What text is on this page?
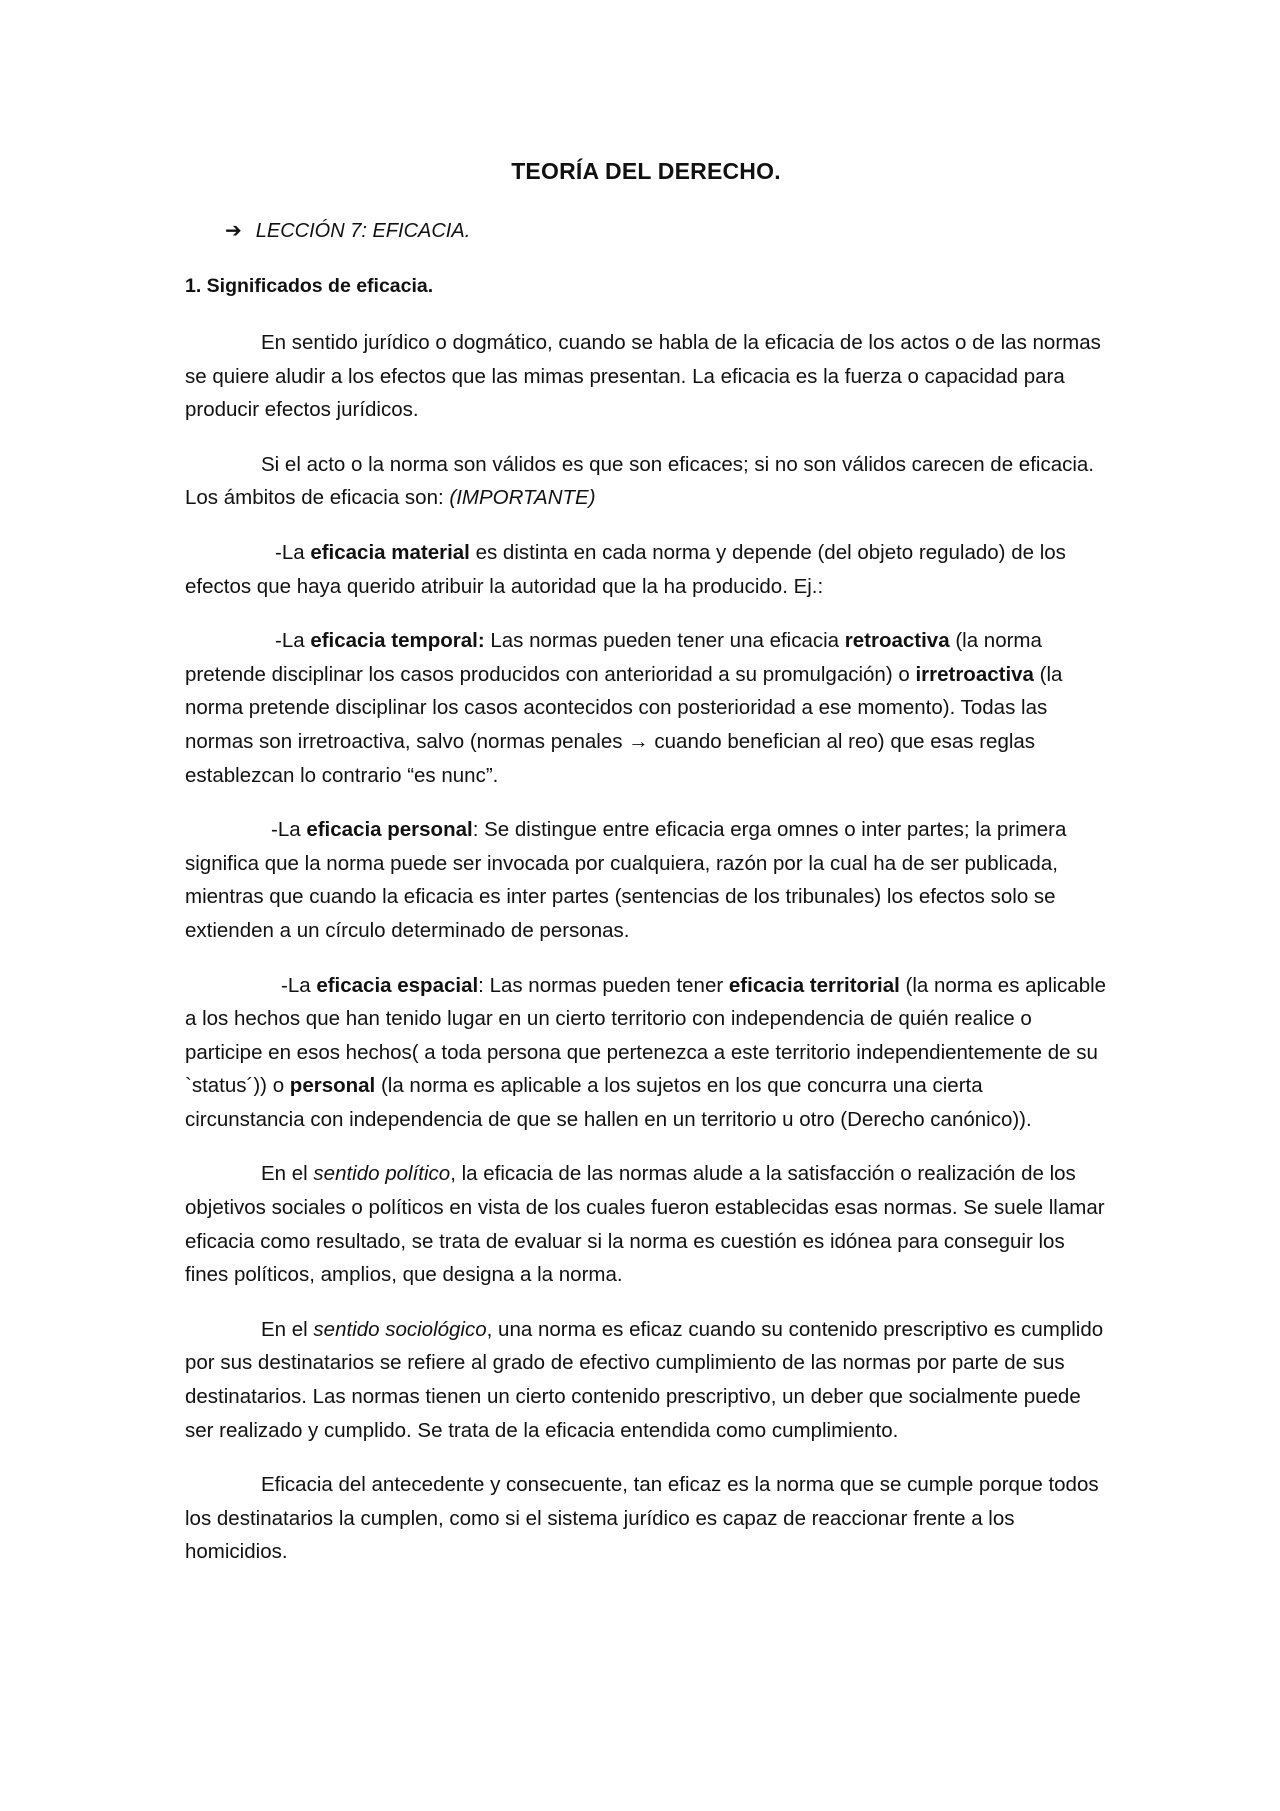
TEORÍA DEL DERECHO.
➔ LECCIÓN 7: EFICACIA.
1. Significados de eficacia.

En sentido jurídico o dogmático, cuando se habla de la eficacia de los actos o de las normas se quiere aludir a los efectos que las mimas presentan. La eficacia es la fuerza o capacidad para producir efectos jurídicos.

Si el acto o la norma son válidos es que son eficaces; si no son válidos carecen de eficacia. Los ámbitos de eficacia son: (IMPORTANTE)

-La eficacia material es distinta en cada norma y depende (del objeto regulado) de los efectos que haya querido atribuir la autoridad que la ha producido. Ej.:

-La eficacia temporal: Las normas pueden tener una eficacia retroactiva (la norma pretende disciplinar los casos producidos con anterioridad a su promulgación) o irretroactiva (la norma pretende disciplinar los casos acontecidos con posterioridad a ese momento). Todas las normas son irretroactiva, salvo (normas penales → cuando benefician al reo) que esas reglas establezcan lo contrario “es nunc”.

-La eficacia personal: Se distingue entre eficacia erga omnes o inter partes; la primera significa que la norma puede ser invocada por cualquiera, razón por la cual ha de ser publicada, mientras que cuando la eficacia es inter partes (sentencias de los tribunales) los efectos solo se extienden a un círculo determinado de personas.

-La eficacia espacial: Las normas pueden tener eficacia territorial (la norma es aplicable a los hechos que han tenido lugar en un cierto territorio con independencia de quién realice o participe en esos hechos( a toda persona que pertenezca a este territorio independientemente de su `status´)) o personal (la norma es aplicable a los sujetos en los que concurra una cierta circunstancia con independencia de que se hallen en un territorio u otro (Derecho canónico)).

En el sentido político, la eficacia de las normas alude a la satisfacción o realización de los objetivos sociales o políticos en vista de los cuales fueron establecidas esas normas. Se suele llamar eficacia como resultado, se trata de evaluar si la norma es cuestión es idónea para conseguir los fines políticos, amplios, que designa a la norma.

En el sentido sociológico, una norma es eficaz cuando su contenido prescriptivo es cumplido por sus destinatarios se refiere al grado de efectivo cumplimiento de las normas por parte de sus destinatarios. Las normas tienen un cierto contenido prescriptivo, un deber que socialmente puede ser realizado y cumplido. Se trata de la eficacia entendida como cumplimiento.

Eficacia del antecedente y consecuente, tan eficaz es la norma que se cumple porque todos los destinatarios la cumplen, como si el sistema jurídico es capaz de reaccionar frente a los homicidios.
